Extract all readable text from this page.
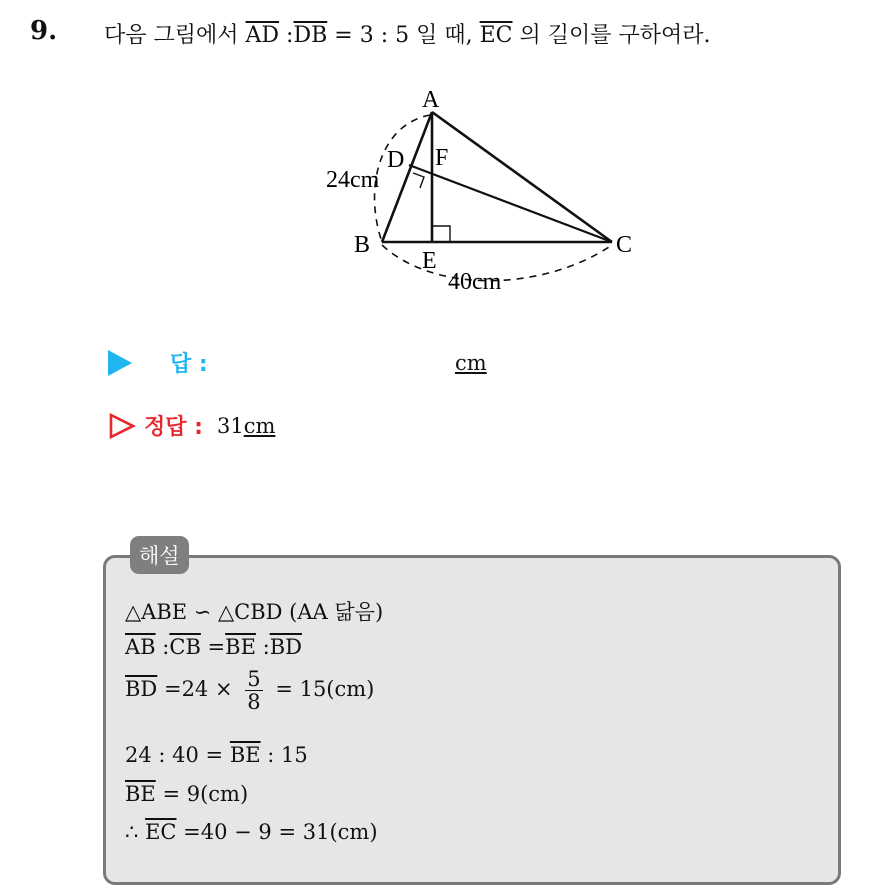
9. 다음 그림에서 $\overline{AD}$ $:\overline{DB} = 3$ : 5 일 때, $\overline{EC}$ 의 길이를 구하여라.
A
B	C
D
E
F
24cm
40cm
답 :	cm
정답 : 31cm
해설
△ABE ∽ △CBD (AA 닮음)
$\overline{AB}$ $:\overline{CB} =\overline{BE}$ $:\overline{BD}$
$\overline{BD} =24 \times \frac{5}{8} = 15(cm)$
24 : $40 = \overline{BE}$ : 15
$\overline{BE} = 9(cm)$
∴ $\overline{EC} =40 - 9 = 31(cm)$
